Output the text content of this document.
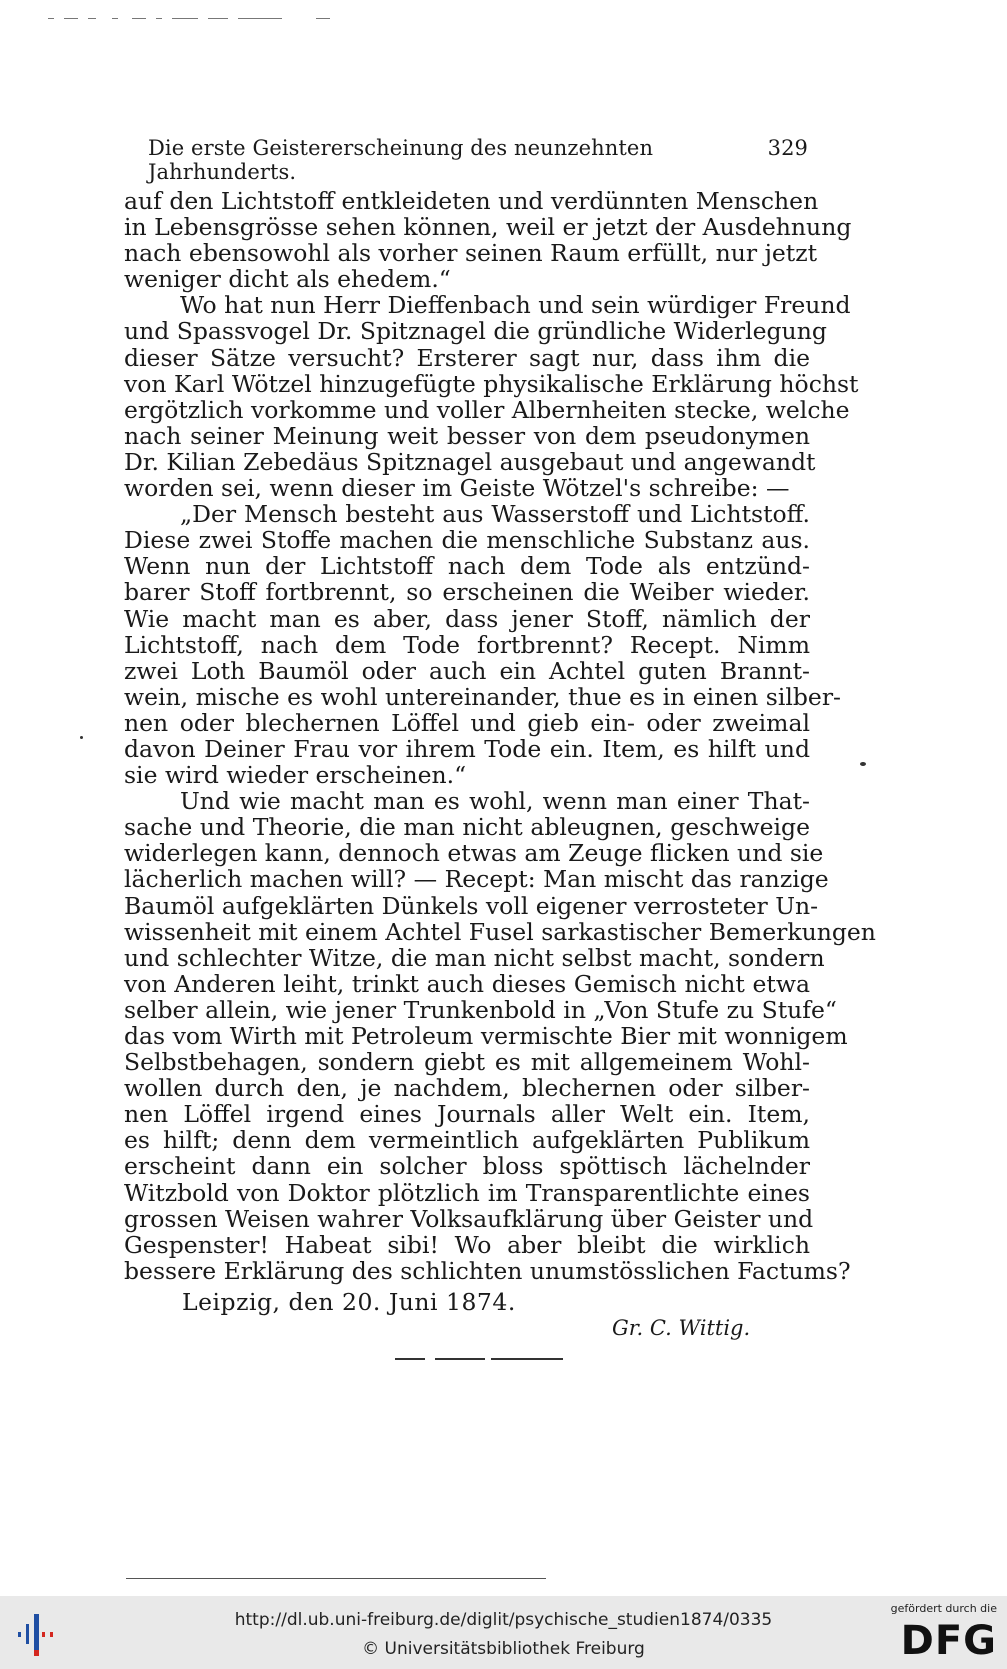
Die erste Geistererscheinung des neunzehnten Jahrhunderts.
329
auf den Lichtstoff entkleideten und verdünnten Menschen
in Lebensgrösse sehen können, weil er jetzt der Ausdehnung
nach ebensowohl als vorher seinen Raum erfüllt, nur jetzt
weniger dicht als ehedem.“
Wo hat nun Herr Dieffenbach und sein würdiger Freund
und Spassvogel Dr. Spitznagel die gründliche Widerlegung
dieser Sätze versucht? Ersterer sagt nur, dass ihm die
von Karl Wötzel hinzugefügte physikalische Erklärung höchst
ergötzlich vorkomme und voller Albernheiten stecke, welche
nach seiner Meinung weit besser von dem pseudonymen
Dr. Kilian Zebedäus Spitznagel ausgebaut und angewandt
worden sei, wenn dieser im Geiste Wötzel's schreibe: —
„Der Mensch besteht aus Wasserstoff und Lichtstoff.
Diese zwei Stoffe machen die menschliche Substanz aus.
Wenn nun der Lichtstoff nach dem Tode als entzünd-
barer Stoff fortbrennt, so erscheinen die Weiber wieder.
Wie macht man es aber, dass jener Stoff, nämlich der
Lichtstoff, nach dem Tode fortbrennt? Recept. Nimm
zwei Loth Baumöl oder auch ein Achtel guten Brannt-
wein, mische es wohl untereinander, thue es in einen silber-
nen oder blechernen Löffel und gieb ein- oder zweimal
davon Deiner Frau vor ihrem Tode ein. Item, es hilft und
sie wird wieder erscheinen.“
Und wie macht man es wohl, wenn man einer That-
sache und Theorie, die man nicht ableugnen, geschweige
widerlegen kann, dennoch etwas am Zeuge flicken und sie
lächerlich machen will? — Recept: Man mischt das ranzige
Baumöl aufgeklärten Dünkels voll eigener verrosteter Un-
wissenheit mit einem Achtel Fusel sarkastischer Bemerkungen
und schlechter Witze, die man nicht selbst macht, sondern
von Anderen leiht, trinkt auch dieses Gemisch nicht etwa
selber allein, wie jener Trunkenbold in „Von Stufe zu Stufe“
das vom Wirth mit Petroleum vermischte Bier mit wonnigem
Selbstbehagen, sondern giebt es mit allgemeinem Wohl-
wollen durch den, je nachdem, blechernen oder silber-
nen Löffel irgend eines Journals aller Welt ein. Item,
es hilft; denn dem vermeintlich aufgeklärten Publikum
erscheint dann ein solcher bloss spöttisch lächelnder
Witzbold von Doktor plötzlich im Transparentlichte eines
grossen Weisen wahrer Volksaufklärung über Geister und
Gespenster! Habeat sibi! Wo aber bleibt die wirklich
bessere Erklärung des schlichten unumstösslichen Factums?
Leipzig, den 20. Juni 1874.
Gr. C. Wittig.
http://dl.ub.uni-freiburg.de/diglit/psychische_studien1874/0335
© Universitätsbibliothek Freiburg
gefördert durch die
DFG
